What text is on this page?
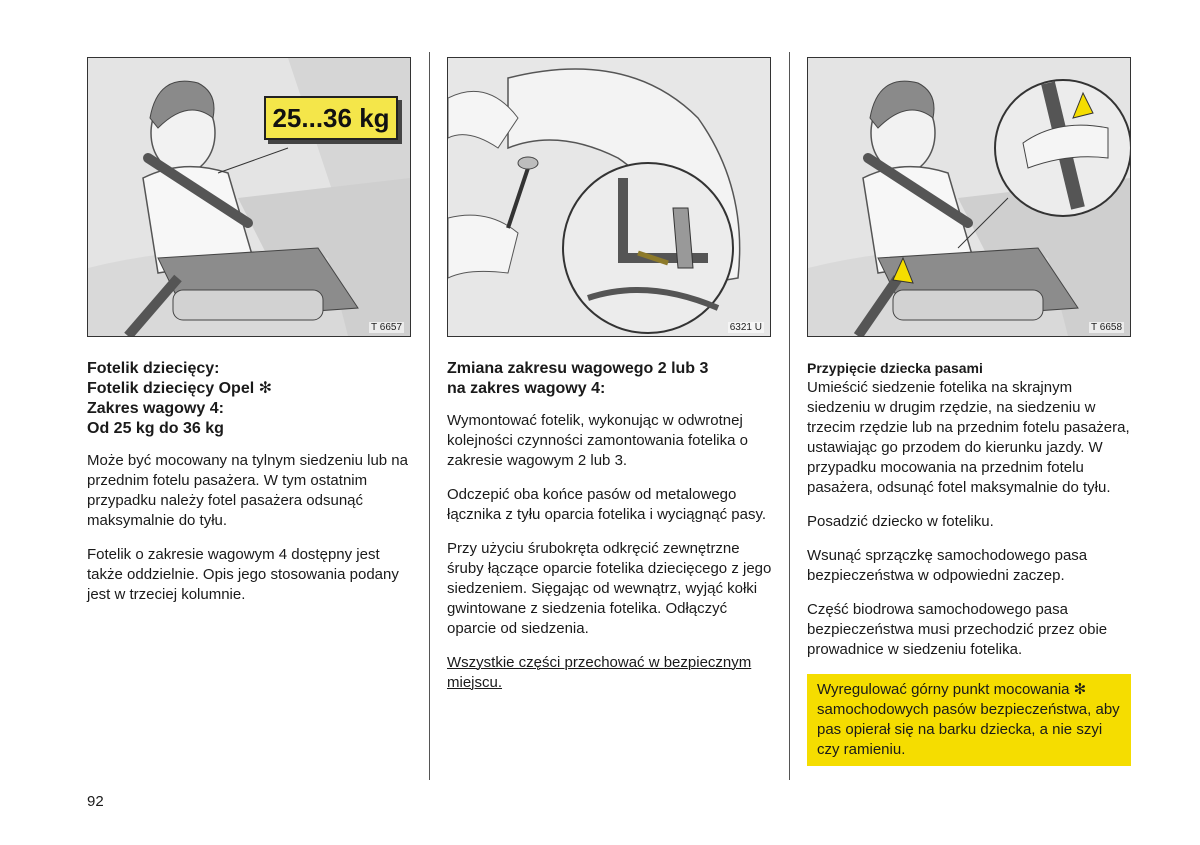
25...36 kg
T 6657
Fotelik dziecięcy:
Fotelik dziecięcy Opel ✻
Zakres wagowy 4:
Od 25 kg do 36 kg

Może być mocowany na tylnym siedzeniu lub na przednim fotelu pasażera. W tym ostatnim przypadku należy fotel pasażera odsunąć maksymalnie do tyłu.

Fotelik o zakresie wagowym 4 dostępny jest także oddzielnie. Opis jego stosowania podany jest w trzeciej kolumnie.

6321 U
Zmiana zakresu wagowego 2 lub 3
na zakres wagowy 4:

Wymontować fotelik, wykonując w odwrotnej kolejności czynności zamontowania fotelika o zakresie wagowym 2 lub 3.

Odczepić oba końce pasów od metalowego łącznika z tyłu oparcia fotelika i wyciągnąć pasy.

Przy użyciu śrubokręta odkręcić zewnętrzne śruby łączące oparcie fotelika dziecięcego z jego siedzeniem. Sięgając od wewnątrz, wyjąć kołki gwintowane z siedzenia fotelika. Odłączyć oparcie od siedzenia.

Wszystkie części przechować w bezpiecznym miejscu.

T 6658
Przypięcie dziecka pasami

Umieścić siedzenie fotelika na skrajnym siedzeniu w drugim rzędzie, na siedzeniu w trzecim rzędzie lub na przednim fotelu pasażera, ustawiając go przodem do kierunku jazdy. W przypadku mocowania na przednim fotelu pasażera, odsunąć fotel maksymalnie do tyłu.

Posadzić dziecko w foteliku.

Wsunąć sprzączkę samochodowego pasa bezpieczeństwa w odpowiedni zaczep.

Część biodrowa samochodowego pasa bezpieczeństwa musi przechodzić przez obie prowadnice w siedzeniu fotelika.

Wyregulować górny punkt mocowania ✻ samochodowych pasów bezpieczeństwa, aby pas opierał się na barku dziecka, a nie szyi czy ramieniu.
92
